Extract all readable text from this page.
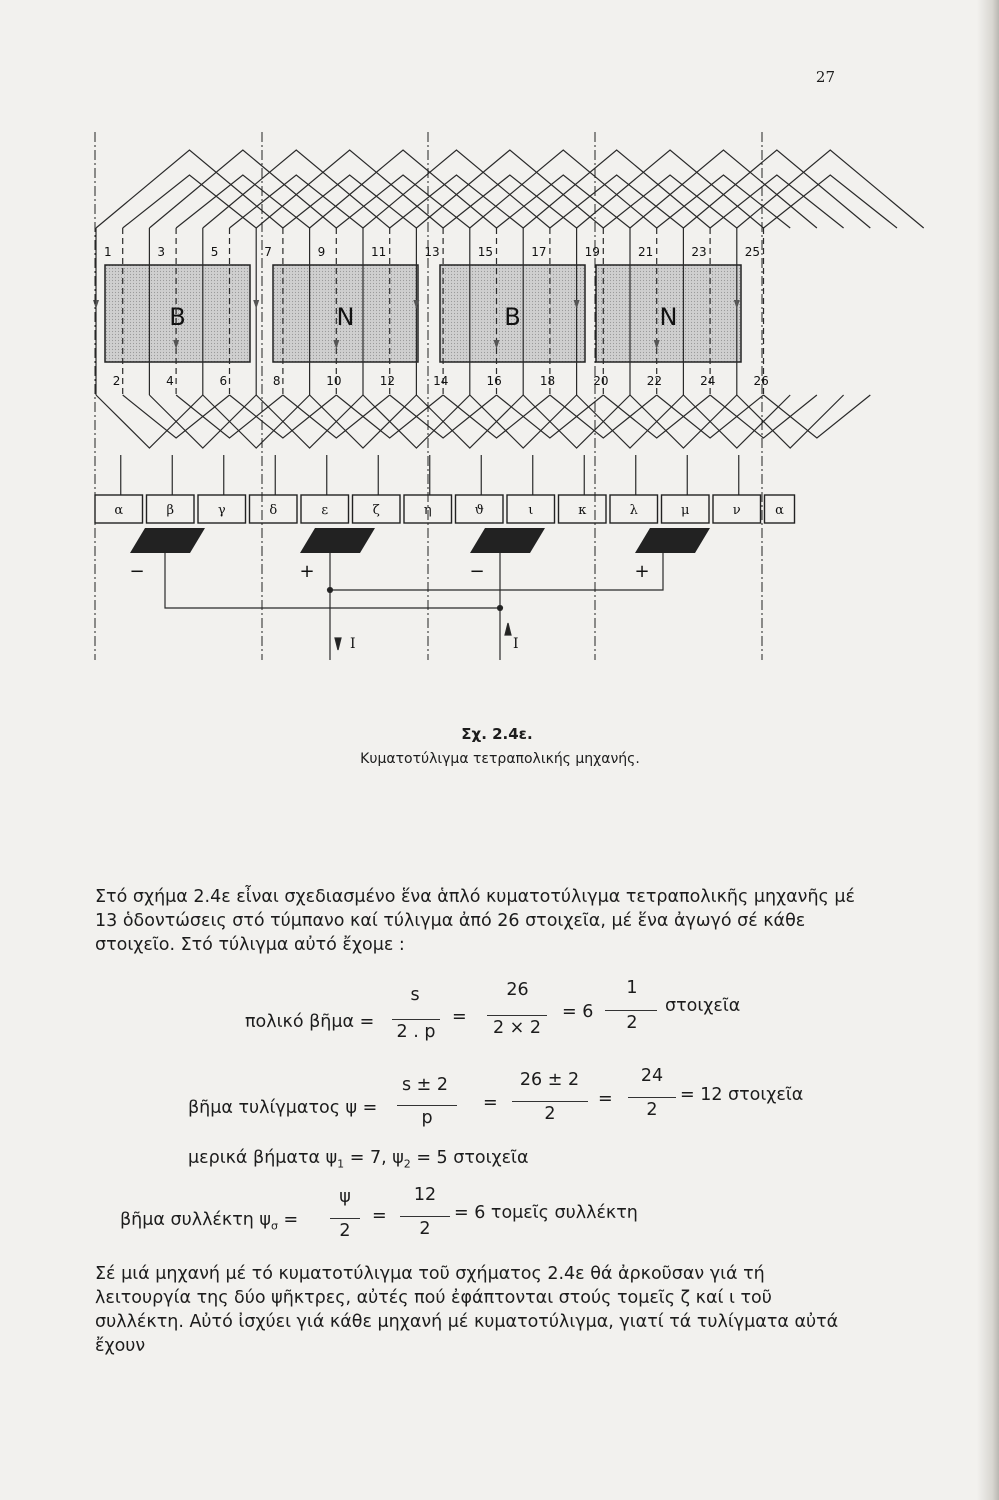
27
B	N	B	N
1
2
3
4
5
6
7
8
9
10
11
12
13
14
15
16
17
18
19
20
21
22
23
24
25
26
α	β	γ	δ	ε	ζ	η	ϑ	ι	κ	λ	μ	ν	α
−	+	−	+
I	I
Σχ. 2.4ε.
Κυματοτύλιγμα τετραπολικής μηχανής.

Στό σχήμα 2.4ε εἶναι σχεδιασμένο ἕνα ἁπλό κυματοτύλιγμα τετραπολικῆς μηχανῆς μέ 13 ὁδοντώσεις στό τύμπανο καί τύλιγμα ἀπό 26 στοιχεῖα, μέ ἕνα ἀγωγό σέ κάθε στοιχεῖο. Στό τύλιγμα αὐτό ἔχομε :

πολικό βῆμα =
s
2 . p
=
26
2 × 2
= 6
1
2
στοιχεῖα
βῆμα τυλίγματος ψ =
s ± 2
p
=
26 ± 2
2
=
24
2
= 12 στοιχεῖα
μερικά βήματα $\psi_1 = 7$, $\psi_2 = 5$ στοιχεῖα
βῆμα συλλέκτη $\psi_\sigma$ =
ψ
2
=
12
2
= 6 τομεῖς συλλέκτη

Σέ μιά μηχανή μέ τό κυματοτύλιγμα τοῦ σχήματος 2.4ε θά ἀρκοῦσαν γιά τή λειτουργία της δύο ψῆκτρες, αὐτές πού ἐφάπτονται στούς τομεῖς ζ καί ι τοῦ συλλέκτη. Αὐτό ἰσχύει γιά κάθε μηχανή μέ κυματοτύλιγμα, γιατί τά τυλίγματα αὐτά ἔχουν
